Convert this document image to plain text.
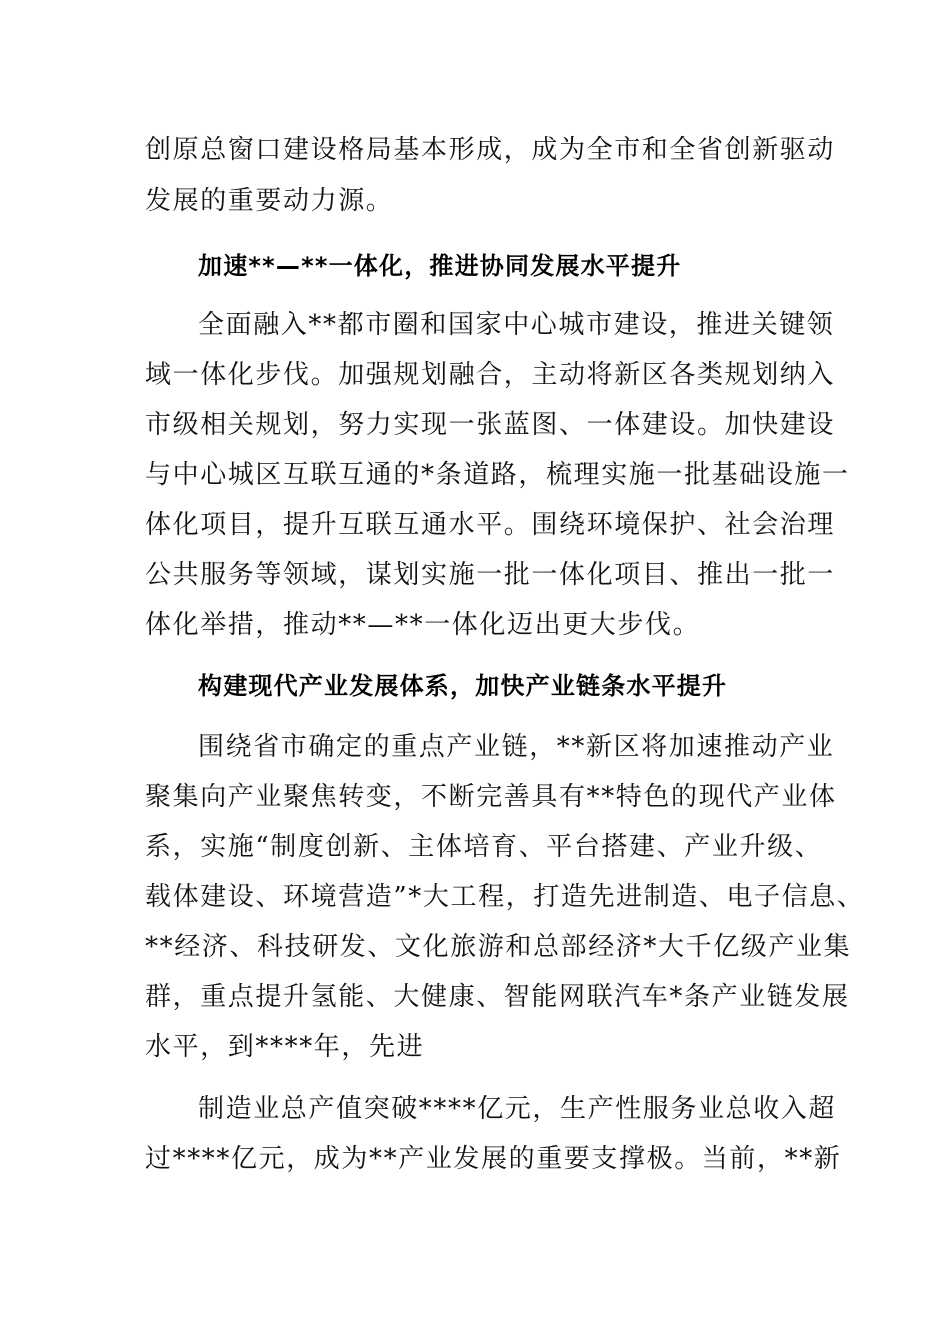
创原总窗口建设格局基本形成，成为全市和全省创新驱动
发展的重要动力源。
加速**—**一体化，推进协同发展水平提升
全面融入**都市圈和国家中心城市建设，推进关键领
域一体化步伐。加强规划融合，主动将新区各类规划纳入
市级相关规划，努力实现一张蓝图、一体建设。加快建设
与中心城区互联互通的*条道路，梳理实施一批基础设施一
体化项目，提升互联互通水平。围绕环境保护、社会治理
公共服务等领域，谋划实施一批一体化项目、推出一批一
体化举措，推动**—**一体化迈出更大步伐。
构建现代产业发展体系，加快产业链条水平提升
围绕省市确定的重点产业链，**新区将加速推动产业
聚集向产业聚焦转变，不断完善具有**特色的现代产业体
系，实施“制度创新、主体培育、平台搭建、产业升级、
载体建设、环境营造”*大工程，打造先进制造、电子信息、
**经济、科技研发、文化旅游和总部经济*大千亿级产业集
群，重点提升氢能、大健康、智能网联汽车*条产业链发展
水平，到****年，先进
制造业总产值突破****亿元，生产性服务业总收入超
过****亿元，成为**产业发展的重要支撑极。当前，**新
